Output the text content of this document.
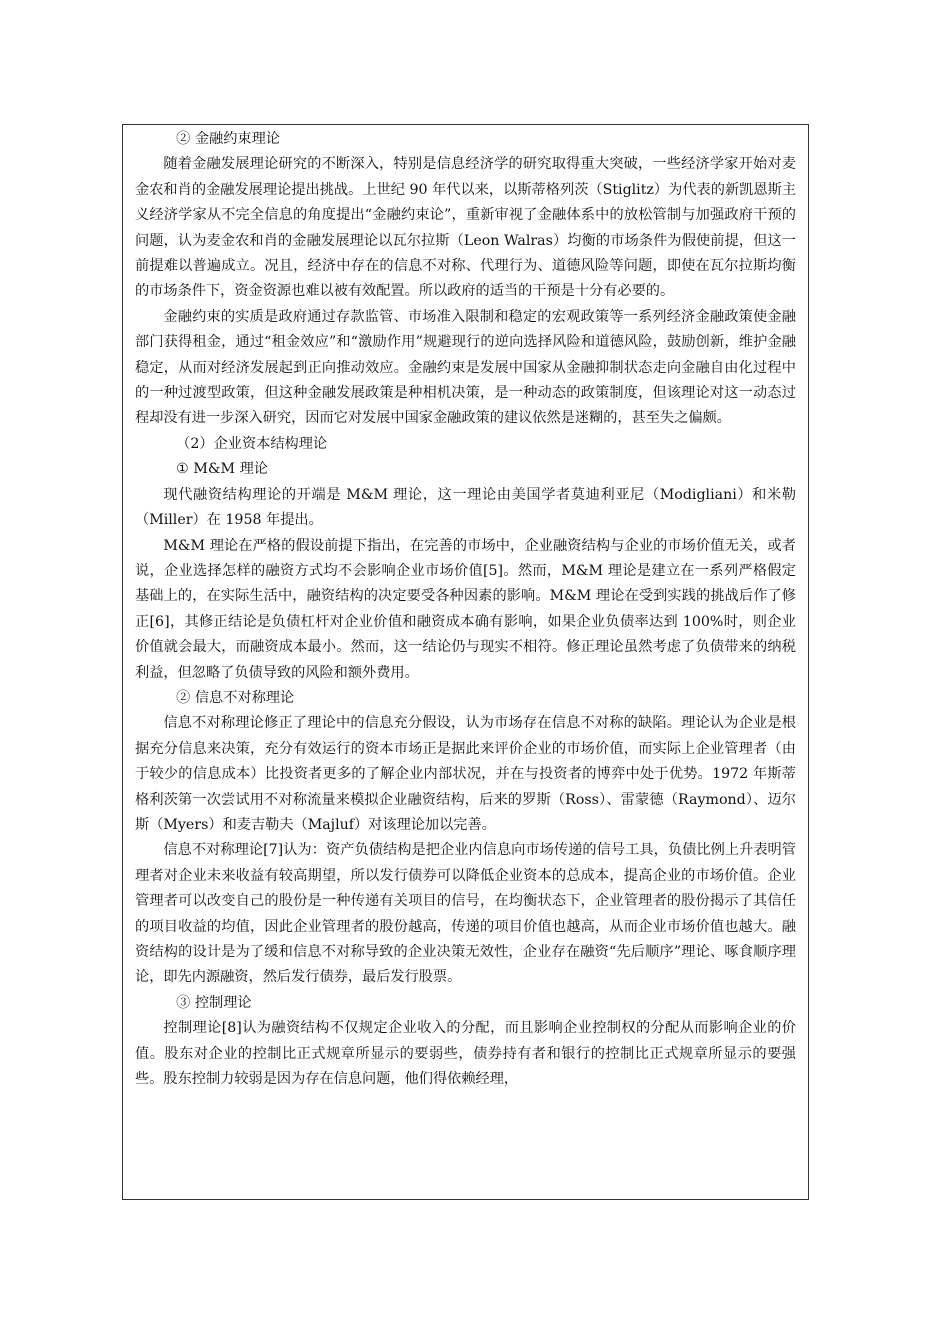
② 金融约束理论

随着金融发展理论研究的不断深入，特别是信息经济学的研究取得重大突破，一些经济学家开始对麦金农和肖的金融发展理论提出挑战。上世纪 90 年代以来，以斯蒂格列茨（Stiglitz）为代表的新凯恩斯主义经济学家从不完全信息的角度提出“金融约束论”，重新审视了金融体系中的放松管制与加强政府干预的问题，认为麦金农和肖的金融发展理论以瓦尔拉斯（Leon Walras）均衡的市场条件为假使前提，但这一前提难以普遍成立。况且，经济中存在的信息不对称、代理行为、道德风险等问题，即使在瓦尔拉斯均衡的市场条件下，资金资源也难以被有效配置。所以政府的适当的干预是十分有必要的。

金融约束的实质是政府通过存款监管、市场准入限制和稳定的宏观政策等一系列经济金融政策使金融部门获得租金，通过“租金效应”和“激励作用”规避现行的逆向选择风险和道德风险，鼓励创新，维护金融稳定，从而对经济发展起到正向推动效应。金融约束是发展中国家从金融抑制状态走向金融自由化过程中的一种过渡型政策，但这种金融发展政策是种相机决策，是一种动态的政策制度，但该理论对这一动态过程却没有进一步深入研究，因而它对发展中国家金融政策的建议依然是迷糊的，甚至失之偏颇。

（2）企业资本结构理论

① M&M 理论

现代融资结构理论的开端是 M&M 理论，这一理论由美国学者莫迪利亚尼（Modigliani）和米勒（Miller）在 1958 年提出。

M&M 理论在严格的假设前提下指出，在完善的市场中，企业融资结构与企业的市场价值无关，或者说，企业选择怎样的融资方式均不会影响企业市场价值[5]。然而，M&M 理论是建立在一系列严格假定基础上的，在实际生活中，融资结构的决定要受各种因素的影响。M&M 理论在受到实践的挑战后作了修正[6]，其修正结论是负债杠杆对企业价值和融资成本确有影响，如果企业负债率达到 100%时，则企业价值就会最大，而融资成本最小。然而，这一结论仍与现实不相符。修正理论虽然考虑了负债带来的纳税利益，但忽略了负债导致的风险和额外费用。

② 信息不对称理论

信息不对称理论修正了理论中的信息充分假设，认为市场存在信息不对称的缺陷。理论认为企业是根据充分信息来决策，充分有效运行的资本市场正是据此来评价企业的市场价值，而实际上企业管理者（由于较少的信息成本）比投资者更多的了解企业内部状况，并在与投资者的博弈中处于优势。1972 年斯蒂格利茨第一次尝试用不对称流量来模拟企业融资结构，后来的罗斯（Ross）、雷蒙德（Raymond）、迈尔斯（Myers）和麦吉勒夫（Majluf）对该理论加以完善。

信息不对称理论[7]认为：资产负债结构是把企业内信息向市场传递的信号工具，负债比例上升表明管理者对企业未来收益有较高期望，所以发行债券可以降低企业资本的总成本，提高企业的市场价值。企业管理者可以改变自己的股份是一种传递有关项目的信号，在均衡状态下，企业管理者的股份揭示了其信任的项目收益的均值，因此企业管理者的股份越高，传递的项目价值也越高，从而企业市场价值也越大。融资结构的设计是为了缓和信息不对称导致的企业决策无效性，企业存在融资“先后顺序”理论、啄食顺序理论，即先内源融资，然后发行债券，最后发行股票。

③ 控制理论

控制理论[8]认为融资结构不仅规定企业收入的分配，而且影响企业控制权的分配从而影响企业的价值。股东对企业的控制比正式规章所显示的要弱些，债券持有者和银行的控制比正式规章所显示的要强些。股东控制力较弱是因为存在信息问题，他们得依赖经理，
